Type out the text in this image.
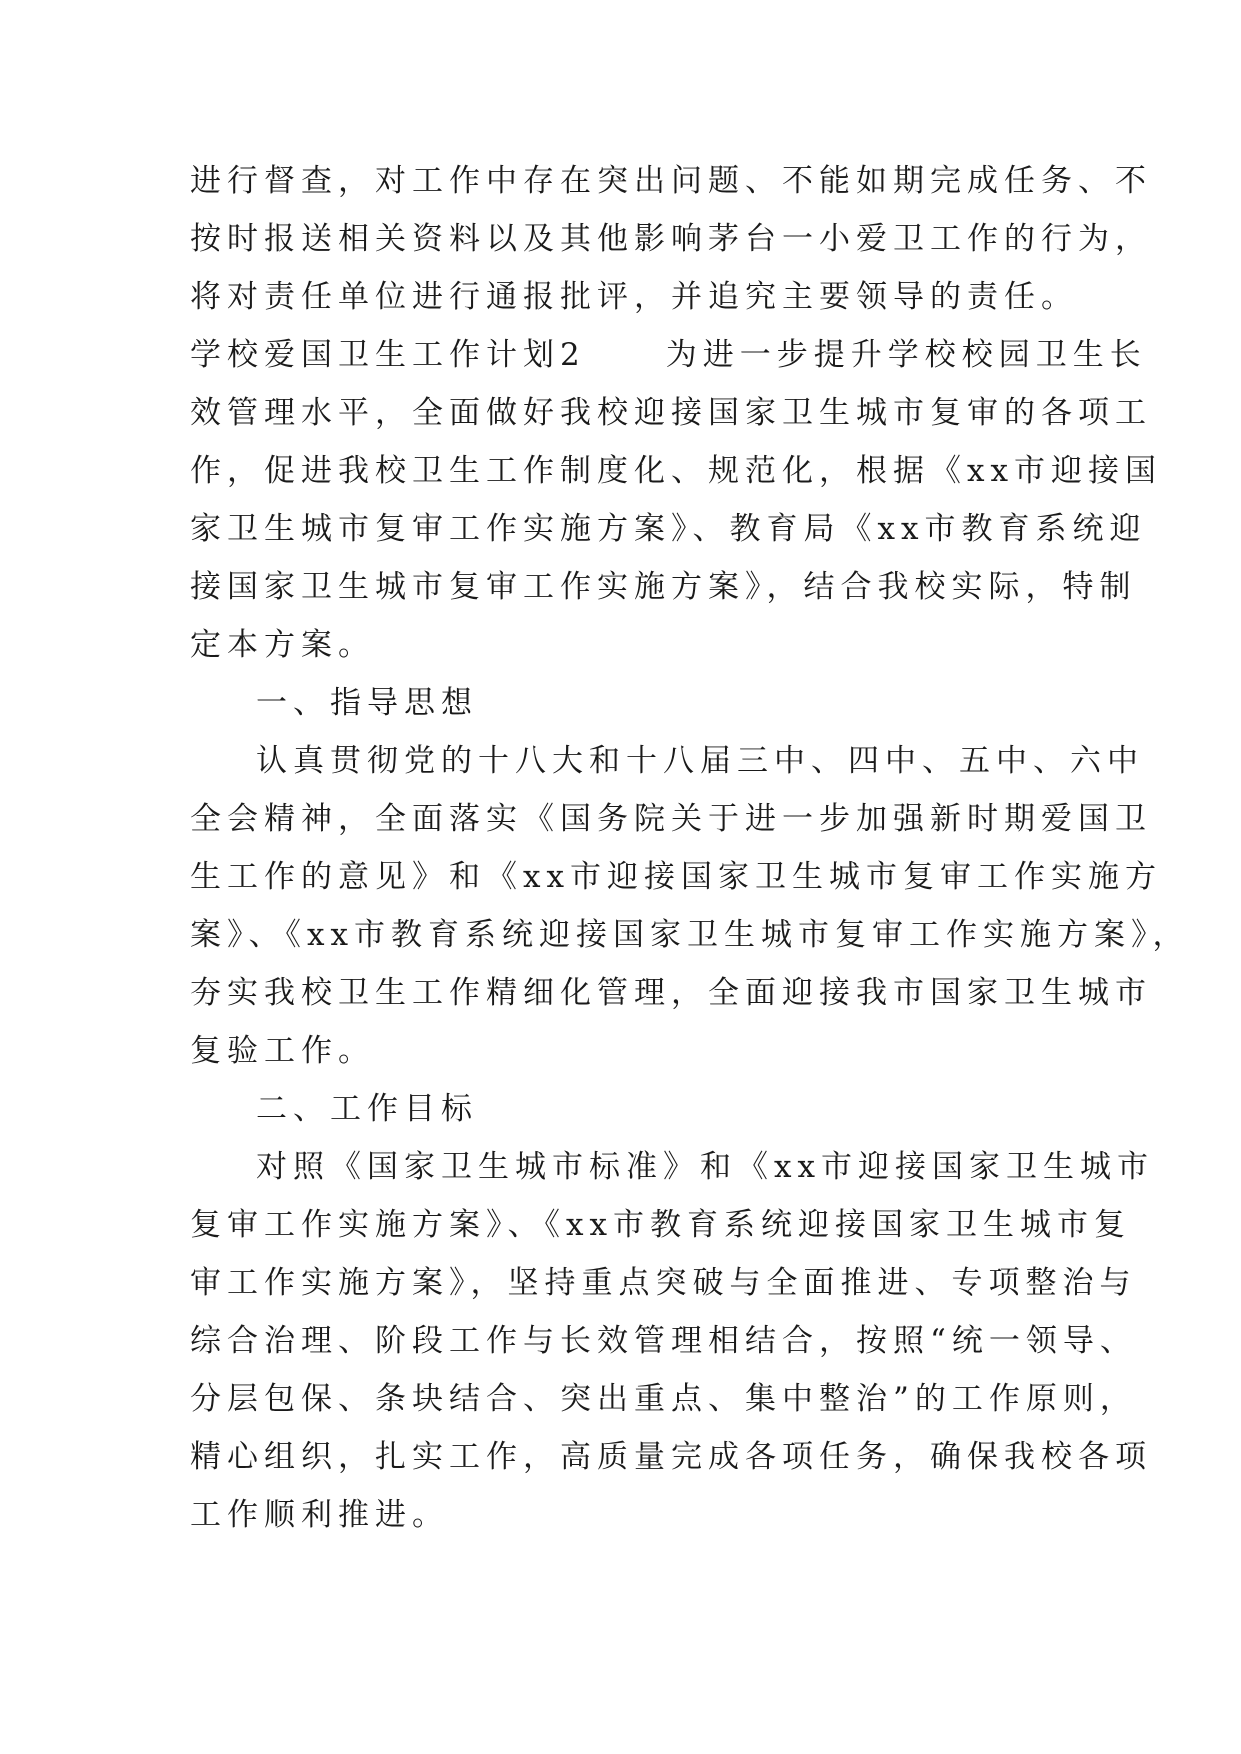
进行督查，对工作中存在突出问题、不能如期完成任务、不
按时报送相关资料以及其他影响茅台一小爱卫工作的行为，
将对责任单位进行通报批评，并追究主要领导的责任。
学校爱国卫生工作计划2	为进一步提升学校校园卫生长
效管理水平，全面做好我校迎接国家卫生城市复审的各项工
作，促进我校卫生工作制度化、规范化，根据《xx市迎接国
家卫生城市复审工作实施方案》、教育局《xx市教育系统迎
接国家卫生城市复审工作实施方案》，结合我校实际，特制
定本方案。
一、指导思想
认真贯彻党的十八大和十八届三中、四中、五中、六中
全会精神，全面落实《国务院关于进一步加强新时期爱国卫
生工作的意见》和《xx市迎接国家卫生城市复审工作实施方
案》、《xx市教育系统迎接国家卫生城市复审工作实施方案》，
夯实我校卫生工作精细化管理，全面迎接我市国家卫生城市
复验工作。
二、工作目标
对照《国家卫生城市标准》和《xx市迎接国家卫生城市
复审工作实施方案》、《xx市教育系统迎接国家卫生城市复
审工作实施方案》，坚持重点突破与全面推进、专项整治与
综合治理、阶段工作与长效管理相结合，按照“统一领导、
分层包保、条块结合、突出重点、集中整治”的工作原则，
精心组织，扎实工作，高质量完成各项任务，确保我校各项
工作顺利推进。
